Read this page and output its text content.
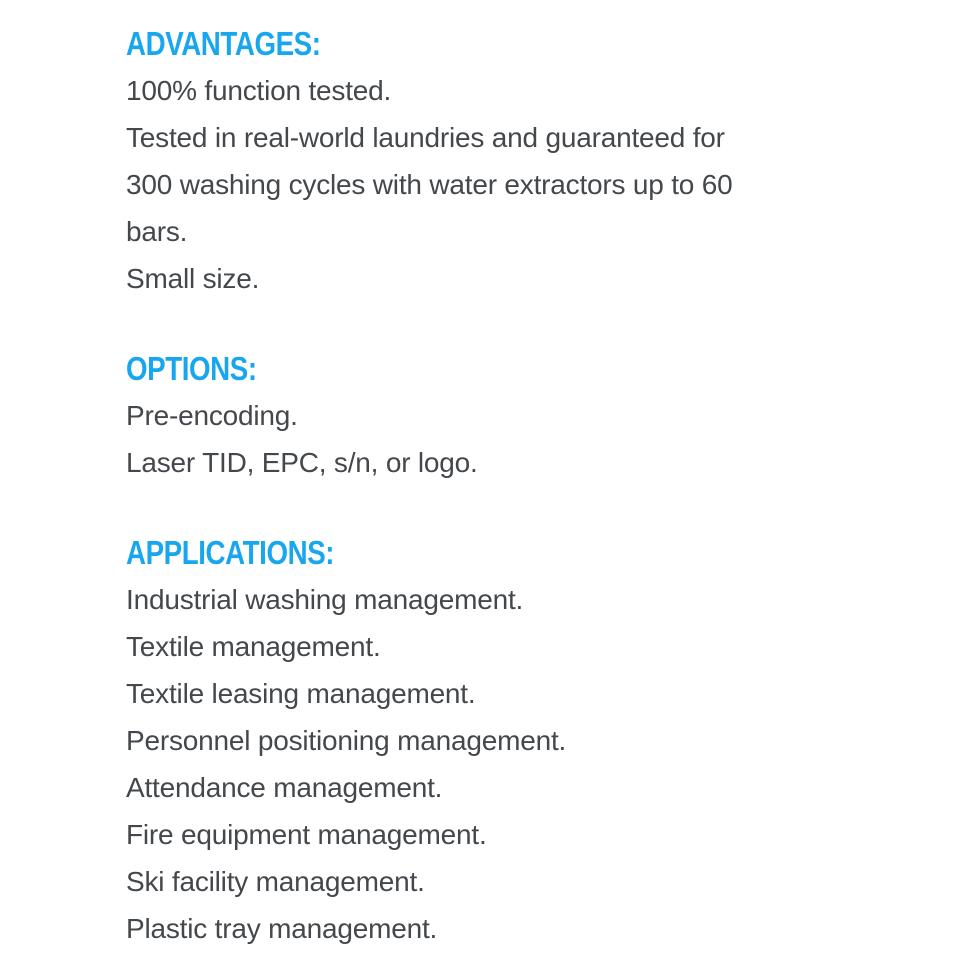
ADVANTAGES:
100% function tested.
Tested in real-world laundries and guaranteed for
300 washing cycles with water extractors up to 60
bars.
Small size.
OPTIONS:
Pre-encoding.
Laser TID, EPC, s/n, or logo.
APPLICATIONS:
Industrial washing management.
Textile management.
Textile leasing management.
Personnel positioning management.
Attendance management.
Fire equipment management.
Ski facility management.
Plastic tray management.
